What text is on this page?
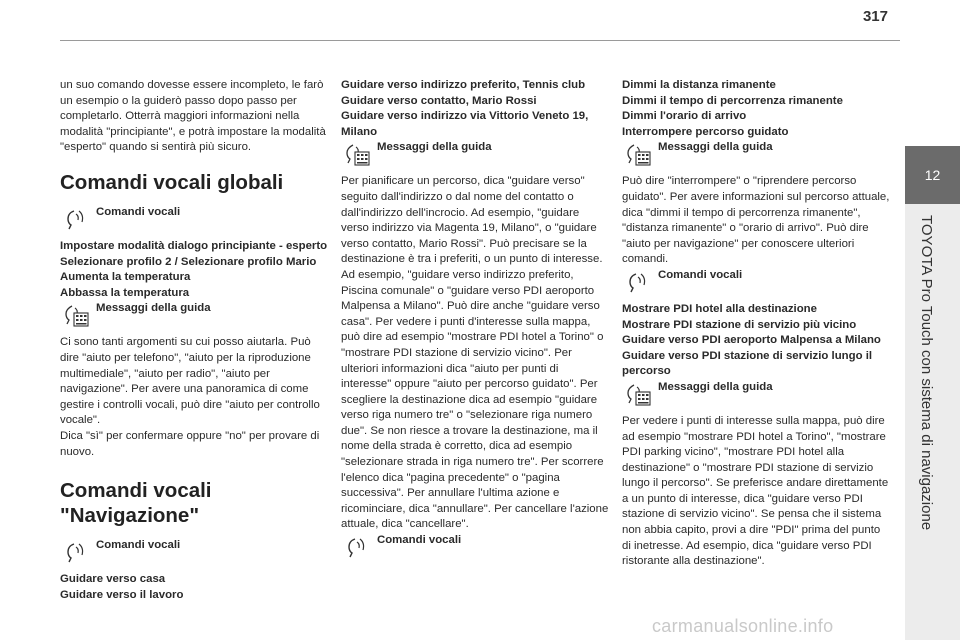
317
12
TOYOTA Pro Touch con sistema di navigazione

un suo comando dovesse essere incompleto, le farò un esempio o la guiderò passo dopo passo per completarlo. Otterrà maggiori informazioni nella modalità "principiante", e potrà impostare la modalità "esperto" quando si sentirà più sicuro.

Comandi vocali globali
Comandi vocali
Impostare modalità dialogo principiante - esperto
Selezionare profilo 2 / Selezionare profilo Mario
Aumenta la temperatura
Abbassa la temperatura
Messaggi della guida

Ci sono tanti argomenti su cui posso aiutarla. Può dire "aiuto per telefono", "aiuto per la riproduzione multimediale", "aiuto per radio", "aiuto per navigazione". Per avere una panoramica di come gestire i controlli vocali, può dire "aiuto per controllo vocale".
Dica "sì" per confermare oppure "no" per provare di nuovo.

Comandi vocali "Navigazione"
Comandi vocali
Guidare verso casa
Guidare verso il lavoro
Guidare verso indirizzo preferito, Tennis club
Guidare verso contatto, Mario Rossi
Guidare verso indirizzo via Vittorio Veneto 19, Milano
Messaggi della guida

Per pianificare un percorso, dica "guidare verso" seguito dall'indirizzo o dal nome del contatto o dall'indirizzo dell'incrocio. Ad esempio, "guidare verso indirizzo via Magenta 19, Milano", o "guidare verso contatto, Mario Rossi". Può precisare se la destinazione è tra i preferiti, o un punto di interesse. Ad esempio, "guidare verso indirizzo preferito, Piscina comunale" o "guidare verso PDI aeroporto Malpensa a Milano". Può dire anche "guidare verso casa". Per vedere i punti d'interesse sulla mappa, può dire ad esempio "mostrare PDI hotel a Torino" o "mostrare PDI stazione di servizio vicino". Per ulteriori informazioni dica "aiuto per punti di interesse" oppure "aiuto per percorso guidato". Per scegliere la destinazione dica ad esempio "guidare verso riga numero tre" o "selezionare riga numero due". Se non riesce a trovare la destinazione, ma il nome della strada è corretto, dica ad esempio "selezionare strada in riga numero tre". Per scorrere l'elenco dica "pagina precedente" o "pagina successiva". Per annullare l'ultima azione e ricominciare, dica "annullare". Per cancellare l'azione attuale, dica "cancellare".

Comandi vocali
Dimmi la distanza rimanente
Dimmi il tempo di percorrenza rimanente
Dimmi l'orario di arrivo
Interrompere percorso guidato
Messaggi della guida

Può dire "interrompere" o "riprendere percorso guidato". Per avere informazioni sul percorso attuale, dica "dimmi il tempo di percorrenza rimanente", "distanza rimanente" o "orario di arrivo". Può dire "aiuto per navigazione" per conoscere ulteriori comandi.

Comandi vocali
Mostrare PDI hotel alla destinazione
Mostrare PDI stazione di servizio più vicino
Guidare verso PDI aeroporto Malpensa a Milano
Guidare verso PDI stazione di servizio lungo il percorso
Messaggi della guida

Per vedere i punti di interesse sulla mappa, può dire ad esempio "mostrare PDI hotel a Torino", "mostrare PDI parking vicino", "mostrare PDI hotel alla destinazione" o "mostrare PDI stazione di servizio lungo il percorso". Se preferisce andare direttamente a un punto di interesse, dica "guidare verso PDI stazione di servizio vicino". Se pensa che il sistema non abbia capito, provi a dire "PDI" prima del punto di inetresse. Ad esempio, dica "guidare verso PDI ristorante alla destinazione".

carmanualsonline.info
